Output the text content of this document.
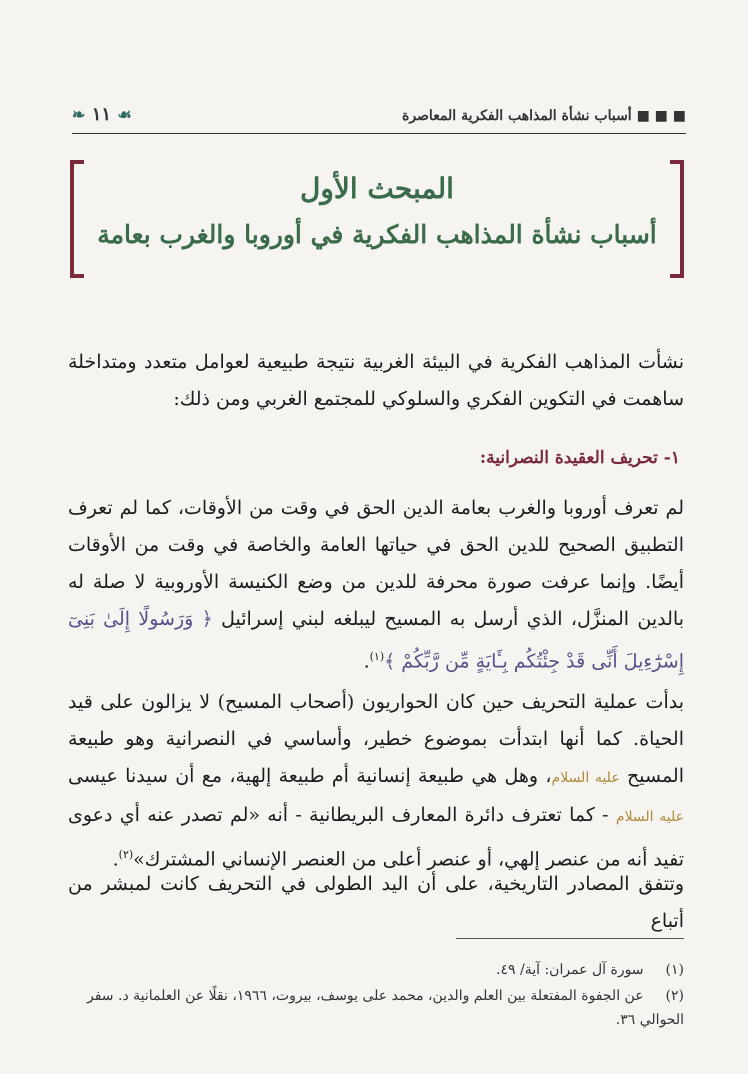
■ ■ ■ أسباب نشأة المذاهب الفكرية المعاصرة
❧ ١١ ☙
المبحث الأول
أسباب نشأة المذاهب الفكرية في أوروبا والغرب بعامة
نشأت المذاهب الفكرية في البيئة الغربية نتيجة طبيعية لعوامل متعدد ومتداخلة ساهمت في التكوين الفكري والسلوكي للمجتمع الغربي ومن ذلك:
١- تحريف العقيدة النصرانية:
لم تعرف أوروبا والغرب بعامة الدين الحق في وقت من الأوقات، كما لم تعرف التطبيق الصحيح للدين الحق في حياتها العامة والخاصة في وقت من الأوقات أيضًا. وإنما عرفت صورة محرفة للدين من وضع الكنيسة الأوروبية لا صلة له بالدين المنزَّل، الذي أرسل به المسيح ليبلغه لبني إسرائيل ﴿ وَرَسُولًا إِلَىٰ بَنِىٓ إِسْرَٰٓءِيلَ أَنِّى قَدْ جِئْتُكُم بِـَٔايَةٍ مِّن رَّبِّكُمْ ﴾$^{(١)}$.
بدأت عملية التحريف حين كان الحواريون (أصحاب المسيح) لا يزالون على قيد الحياة. كما أنها ابتدأت بموضوع خطير، وأساسي في النصرانية وهو طبيعة المسيح عليه السلام، وهل هي طبيعة إنسانية أم طبيعة إلهية، مع أن سيدنا عيسى عليه السلام - كما تعترف دائرة المعارف البريطانية - أنه «لم تصدر عنه أي دعوى تفيد أنه من عنصر إلهي، أو عنصر أعلى من العنصر الإنساني المشترك»$^{(٢)}$.
وتتفق المصادر التاريخية، على أن اليد الطولى في التحريف كانت لمبشر من أتباع
(١) سورة آل عمران: آية/ ٤٩.
(٢) عن الجفوة المفتعلة بين العلم والدين، محمد على يوسف، بيروت، ١٩٦٦، نقلًا عن العلمانية د. سفر الحوالي ٣٦.
